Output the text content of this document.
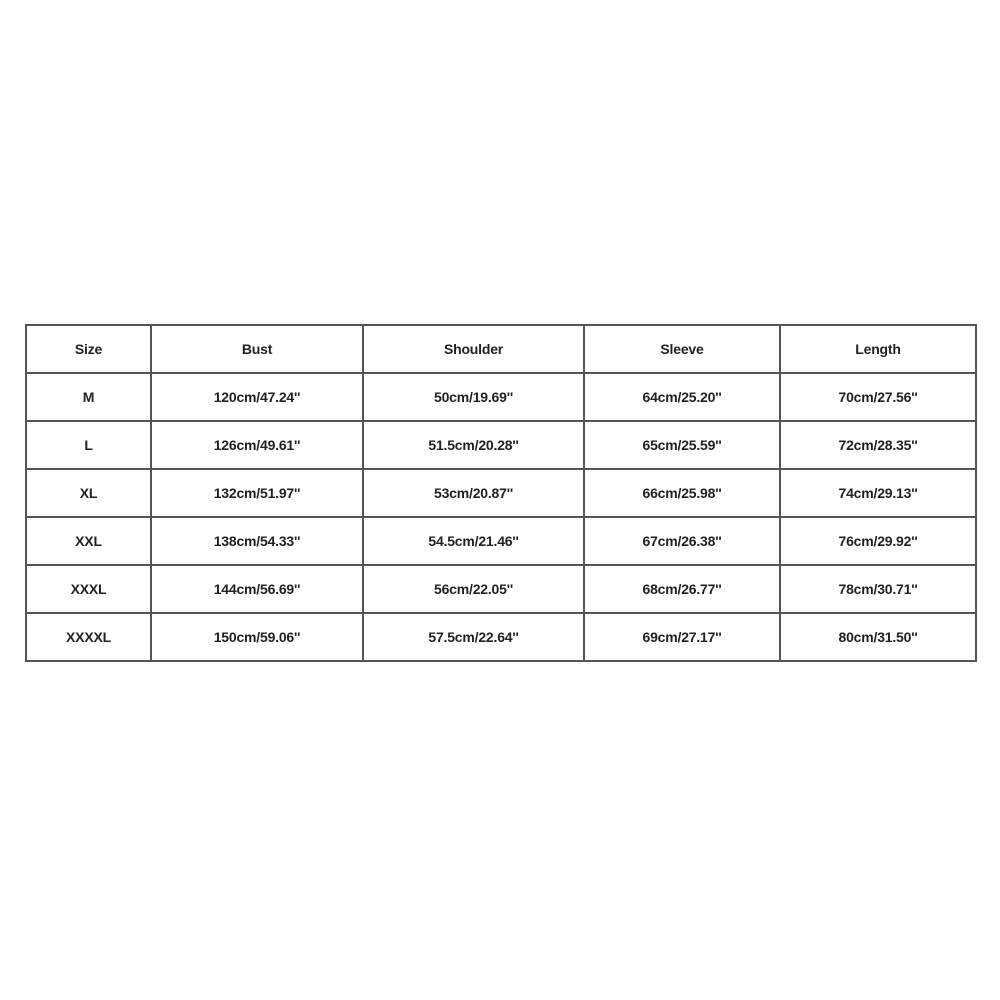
Size	Bust	Shoulder	Sleeve	Length
M	120cm/47.24''	50cm/19.69''	64cm/25.20''	70cm/27.56''
L	126cm/49.61''	51.5cm/20.28''	65cm/25.59''	72cm/28.35''
XL	132cm/51.97''	53cm/20.87''	66cm/25.98''	74cm/29.13''
XXL	138cm/54.33''	54.5cm/21.46''	67cm/26.38''	76cm/29.92''
XXXL	144cm/56.69''	56cm/22.05''	68cm/26.77''	78cm/30.71''
XXXXL	150cm/59.06''	57.5cm/22.64''	69cm/27.17''	80cm/31.50''
